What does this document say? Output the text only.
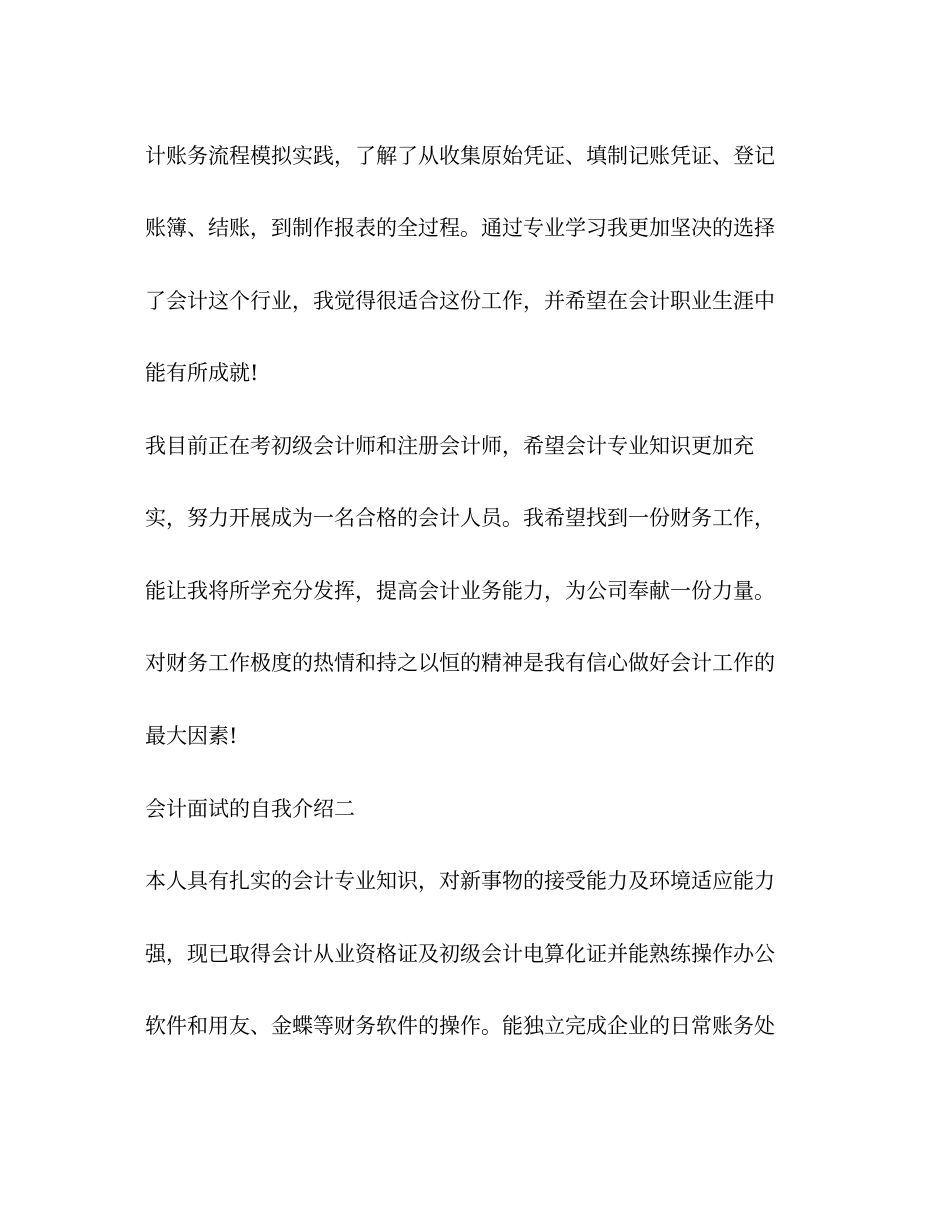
计账务流程模拟实践，了解了从收集原始凭证、填制记账凭证、登记
账簿、结账，到制作报表的全过程。通过专业学习我更加坚决的选择
了会计这个行业，我觉得很适合这份工作，并希望在会计职业生涯中
能有所成就!
我目前正在考初级会计师和注册会计师，希望会计专业知识更加充
实，努力开展成为一名合格的会计人员。我希望找到一份财务工作，
能让我将所学充分发挥，提高会计业务能力，为公司奉献一份力量。
对财务工作极度的热情和持之以恒的精神是我有信心做好会计工作的
最大因素!
会计面试的自我介绍二
本人具有扎实的会计专业知识，对新事物的接受能力及环境适应能力
强，现已取得会计从业资格证及初级会计电算化证并能熟练操作办公
软件和用友、金蝶等财务软件的操作。能独立完成企业的日常账务处
